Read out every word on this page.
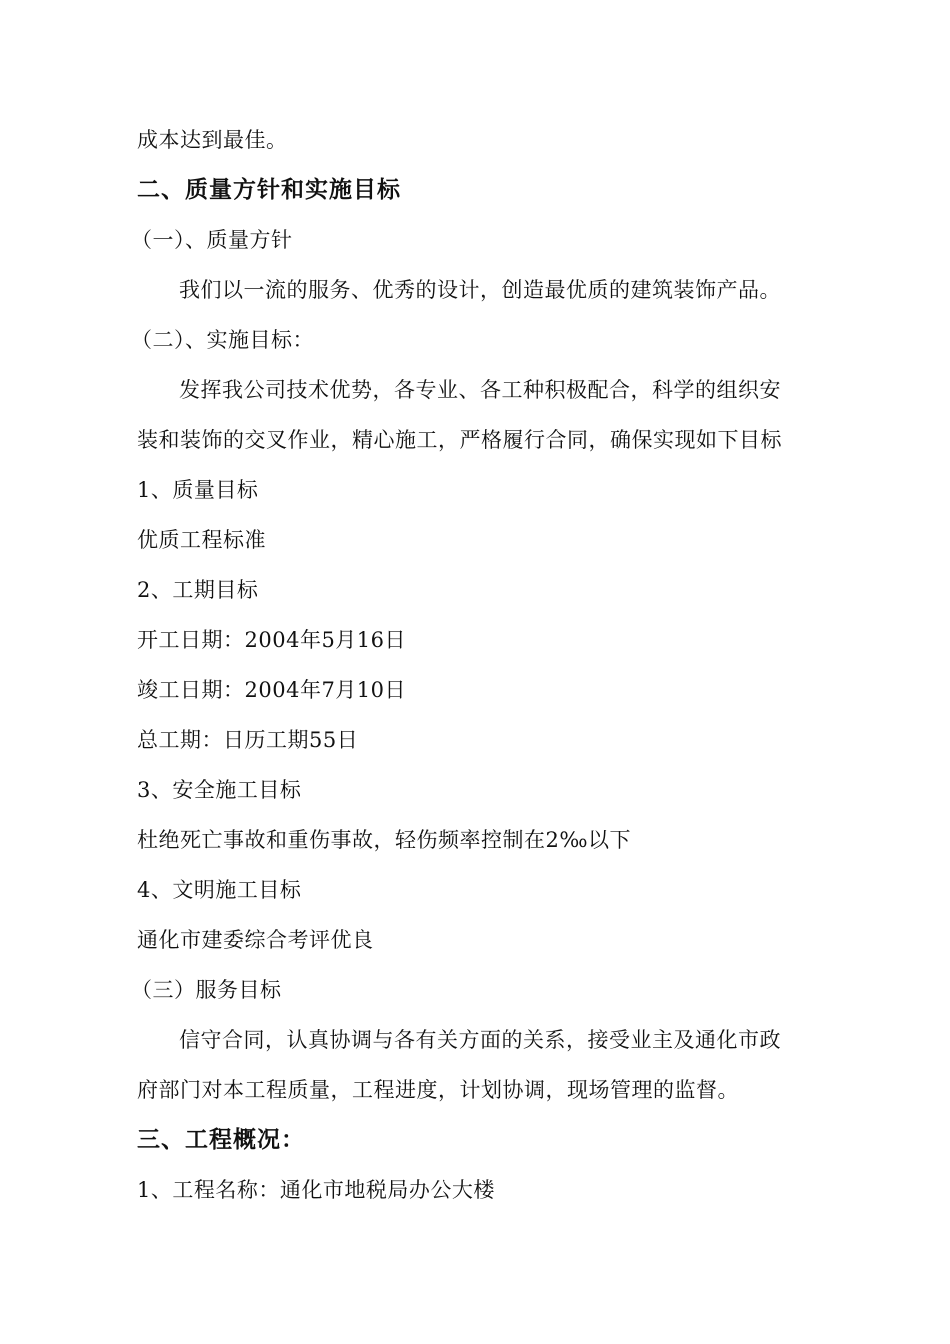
成本达到最佳。
二、质量方针和实施目标
（一）、质量方针
我们以一流的服务、优秀的设计，创造最优质的建筑装饰产品。
（二）、实施目标：
发挥我公司技术优势，各专业、各工种积极配合，科学的组织安
装和装饰的交叉作业，精心施工，严格履行合同，确保实现如下目标
1、质量目标
优质工程标准
2、工期目标
开工日期：2004年5月16日
竣工日期：2004年7月10日
总工期：日历工期55日
3、安全施工目标
杜绝死亡事故和重伤事故，轻伤频率控制在2‰以下
4、文明施工目标
通化市建委综合考评优良
（三）服务目标
信守合同，认真协调与各有关方面的关系，接受业主及通化市政
府部门对本工程质量，工程进度，计划协调，现场管理的监督。
三、工程概况：
1、工程名称：通化市地税局办公大楼
